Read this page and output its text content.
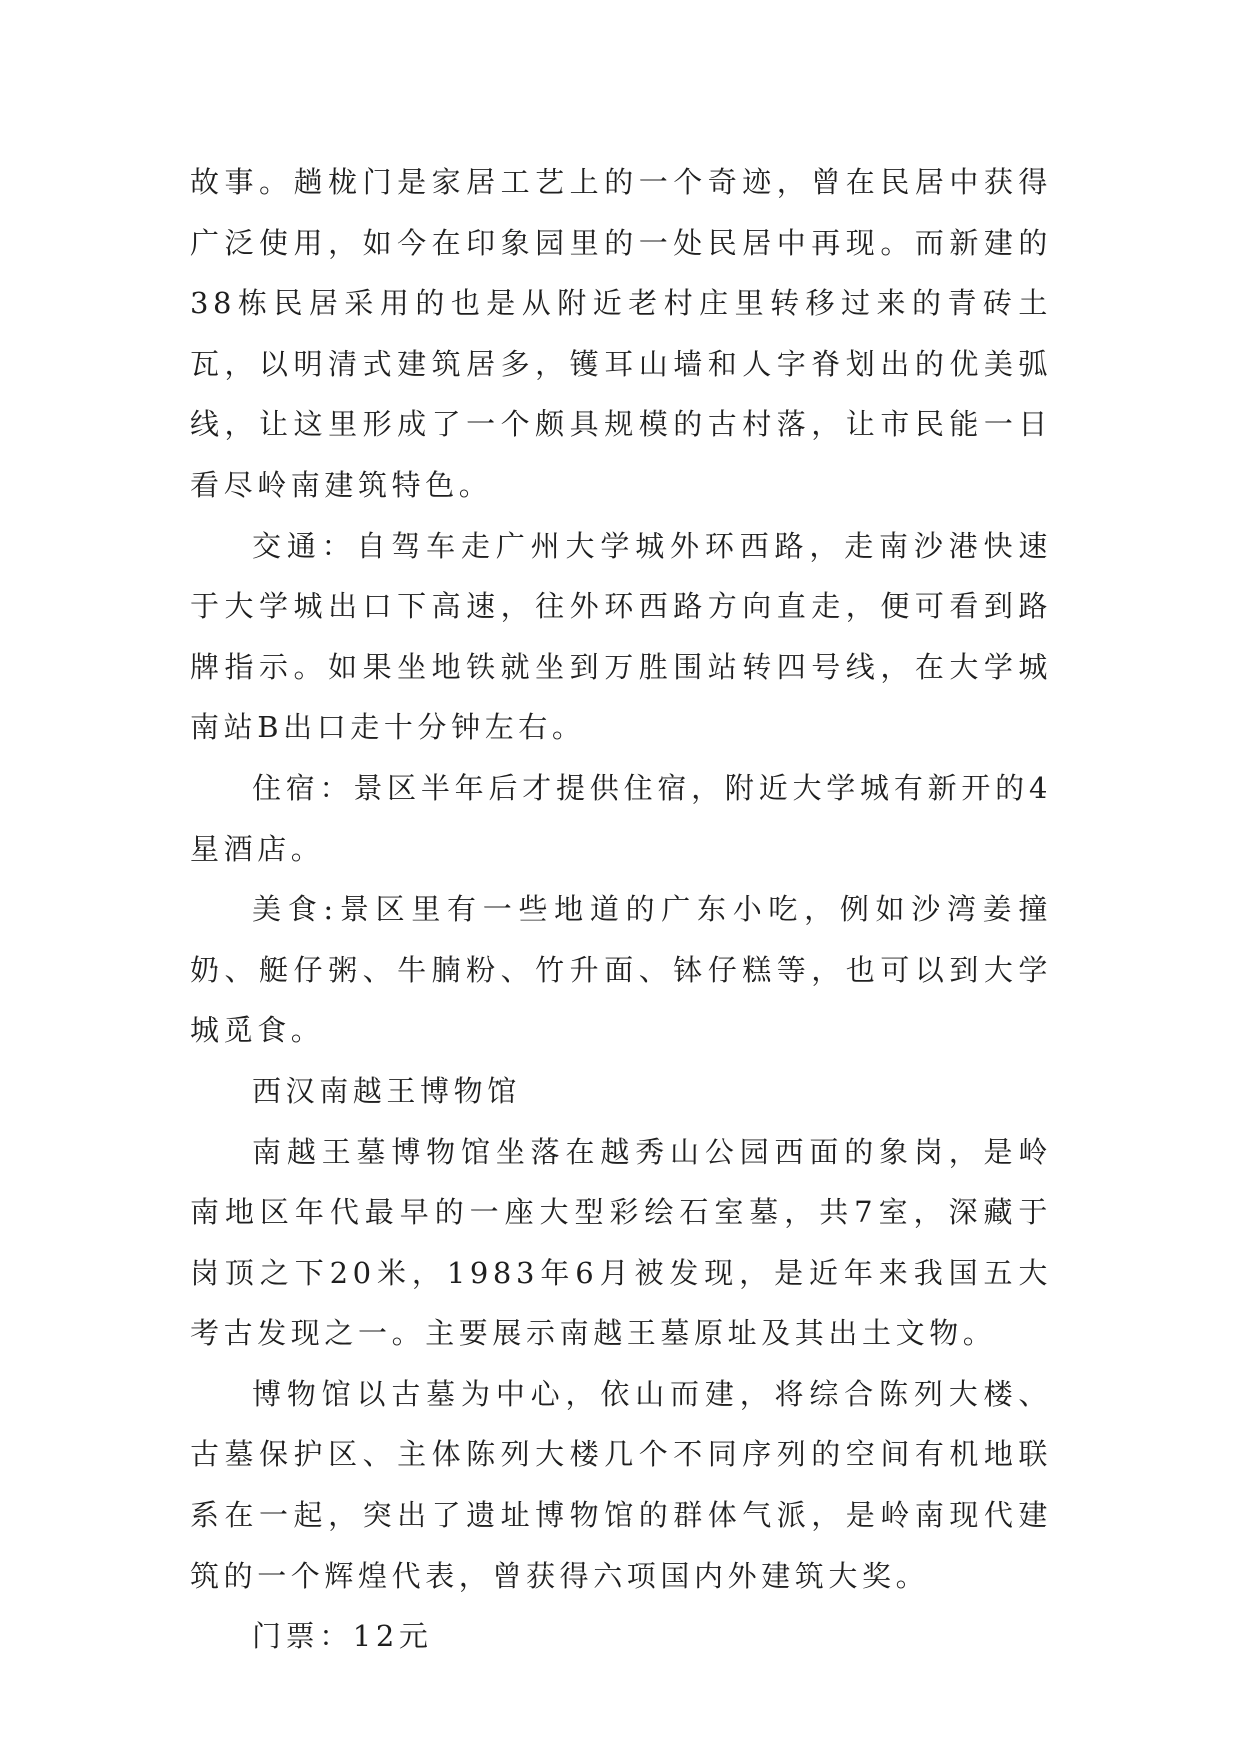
故事。趟栊门是家居工艺上的一个奇迹，曾在民居中获得广泛使用，如今在印象园里的一处民居中再现。而新建的38栋民居采用的也是从附近老村庄里转移过来的青砖土瓦，以明清式建筑居多，镬耳山墙和人字脊划出的优美弧线，让这里形成了一个颇具规模的古村落，让市民能一日看尽岭南建筑特色。

交通：自驾车走广州大学城外环西路，走南沙港快速于大学城出口下高速，往外环西路方向直走，便可看到路牌指示。如果坐地铁就坐到万胜围站转四号线，在大学城南站B出口走十分钟左右。

住宿：景区半年后才提供住宿，附近大学城有新开的4星酒店。

美食:景区里有一些地道的广东小吃，例如沙湾姜撞奶、艇仔粥、牛腩粉、竹升面、钵仔糕等，也可以到大学城觅食。

西汉南越王博物馆

南越王墓博物馆坐落在越秀山公园西面的象岗，是岭南地区年代最早的一座大型彩绘石室墓，共7室，深藏于岗顶之下20米，1983年6月被发现，是近年来我国五大考古发现之一。主要展示南越王墓原址及其出土文物。

博物馆以古墓为中心，依山而建，将综合陈列大楼、古墓保护区、主体陈列大楼几个不同序列的空间有机地联系在一起，突出了遗址博物馆的群体气派，是岭南现代建筑的一个辉煌代表，曾获得六项国内外建筑大奖。

门票：12元
